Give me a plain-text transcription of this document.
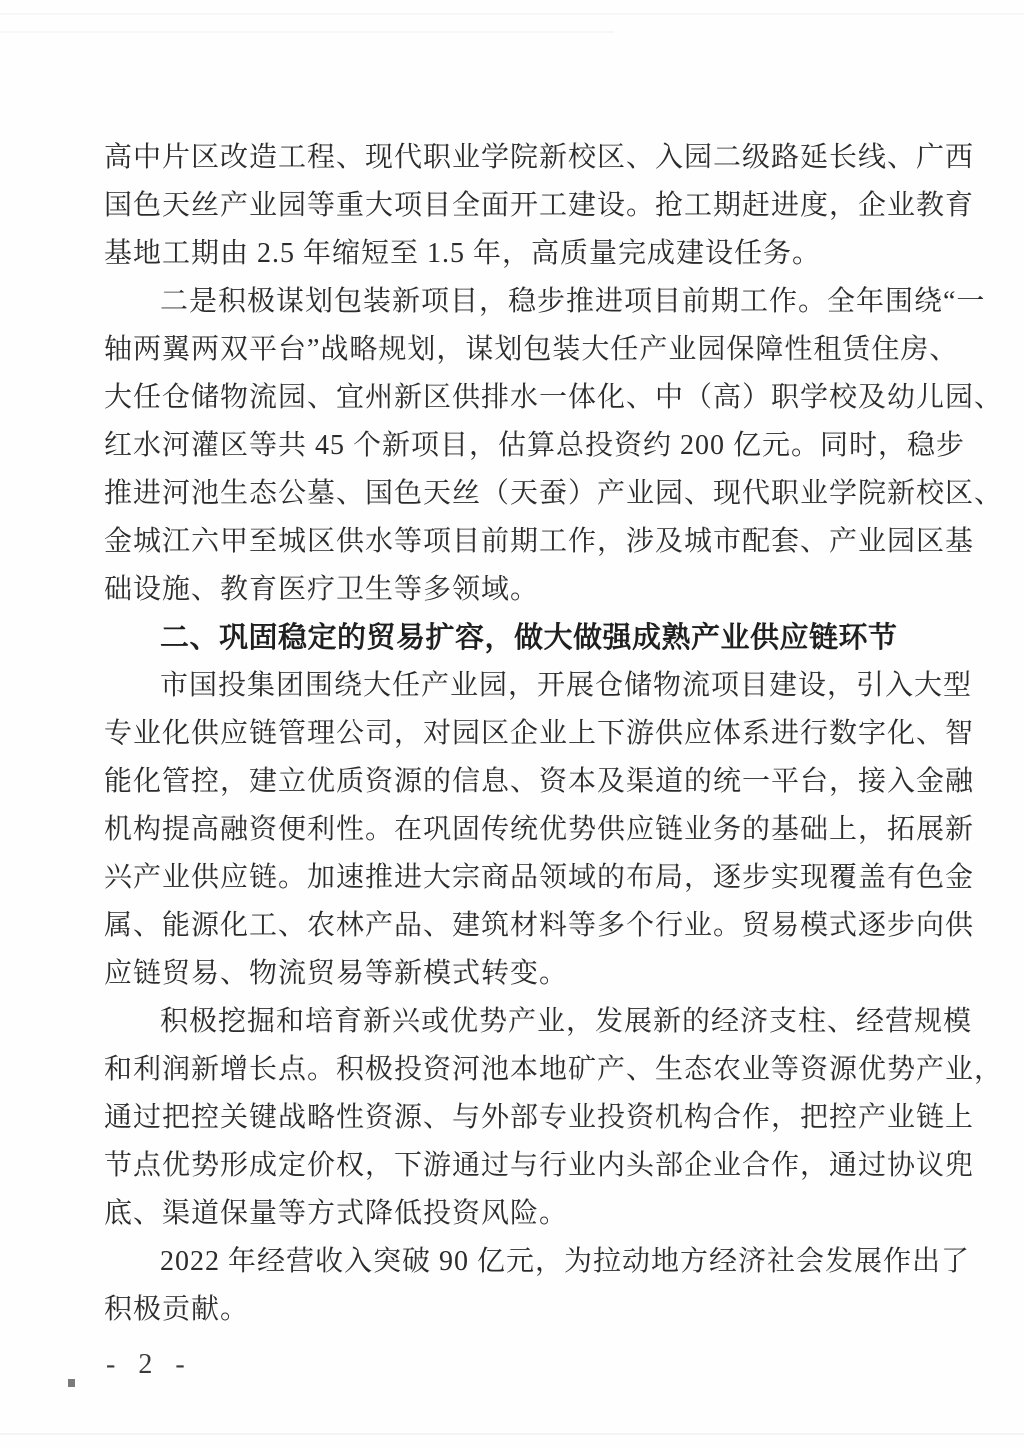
高中片区改造工程、现代职业学院新校区、入园二级路延长线、广西
国色天丝产业园等重大项目全面开工建设。抢工期赶进度，企业教育
基地工期由 2.5 年缩短至 1.5 年，高质量完成建设任务。
二是积极谋划包装新项目，稳步推进项目前期工作。全年围绕“一
轴两翼两双平台”战略规划，谋划包装大任产业园保障性租赁住房、
大任仓储物流园、宜州新区供排水一体化、中（高）职学校及幼儿园、
红水河灌区等共 45 个新项目，估算总投资约 200 亿元。同时，稳步
推进河池生态公墓、国色天丝（天蚕）产业园、现代职业学院新校区、
金城江六甲至城区供水等项目前期工作，涉及城市配套、产业园区基
础设施、教育医疗卫生等多领域。
二、巩固稳定的贸易扩容，做大做强成熟产业供应链环节
市国投集团围绕大任产业园，开展仓储物流项目建设，引入大型
专业化供应链管理公司，对园区企业上下游供应体系进行数字化、智
能化管控，建立优质资源的信息、资本及渠道的统一平台，接入金融
机构提高融资便利性。在巩固传统优势供应链业务的基础上，拓展新
兴产业供应链。加速推进大宗商品领域的布局，逐步实现覆盖有色金
属、能源化工、农林产品、建筑材料等多个行业。贸易模式逐步向供
应链贸易、物流贸易等新模式转变。
积极挖掘和培育新兴或优势产业，发展新的经济支柱、经营规模
和利润新增长点。积极投资河池本地矿产、生态农业等资源优势产业，
通过把控关键战略性资源、与外部专业投资机构合作，把控产业链上
节点优势形成定价权，下游通过与行业内头部企业合作，通过协议兜
底、渠道保量等方式降低投资风险。
2022 年经营收入突破 90 亿元，为拉动地方经济社会发展作出了
积极贡献。
- 2 -
